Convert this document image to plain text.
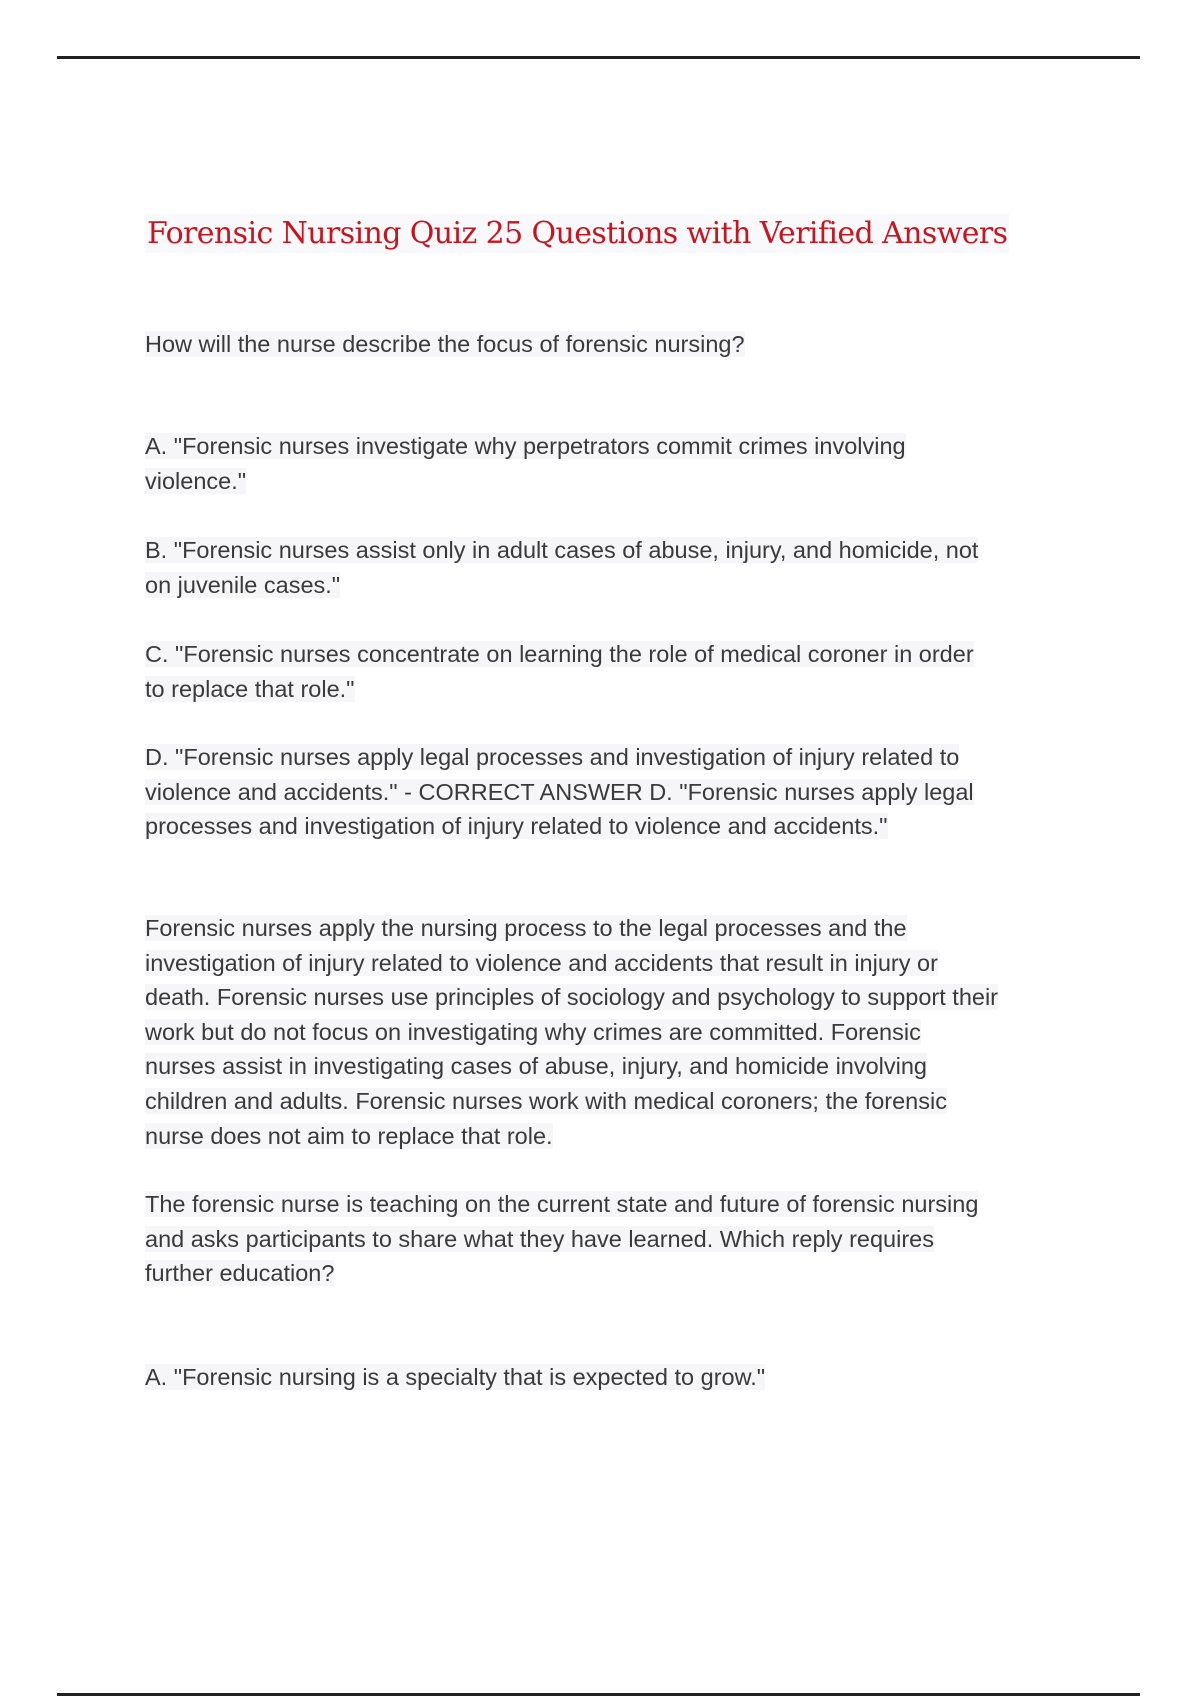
Forensic Nursing Quiz 25 Questions with Verified Answers
How will the nurse describe the focus of forensic nursing?
A. "Forensic nurses investigate why perpetrators commit crimes involving
violence."
B. "Forensic nurses assist only in adult cases of abuse, injury, and homicide, not
on juvenile cases."
C. "Forensic nurses concentrate on learning the role of medical coroner in order
to replace that role."
D. "Forensic nurses apply legal processes and investigation of injury related to
violence and accidents." - CORRECT ANSWER D. "Forensic nurses apply legal
processes and investigation of injury related to violence and accidents."
Forensic nurses apply the nursing process to the legal processes and the
investigation of injury related to violence and accidents that result in injury or
death. Forensic nurses use principles of sociology and psychology to support their
work but do not focus on investigating why crimes are committed. Forensic
nurses assist in investigating cases of abuse, injury, and homicide involving
children and adults. Forensic nurses work with medical coroners; the forensic
nurse does not aim to replace that role.
The forensic nurse is teaching on the current state and future of forensic nursing
and asks participants to share what they have learned. Which reply requires
further education?
A. "Forensic nursing is a specialty that is expected to grow."
